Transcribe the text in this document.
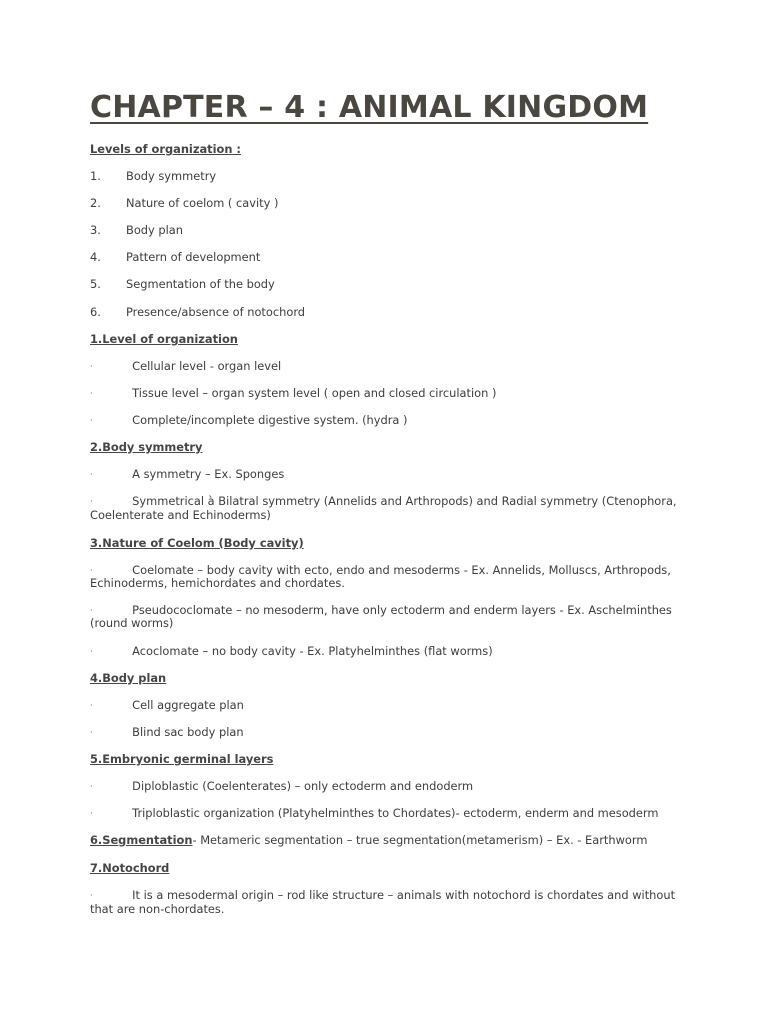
CHAPTER – 4 : ANIMAL KINGDOM
Levels of organization :
1.	Body symmetry
2.	Nature of coelom ( cavity )
3.	Body plan
4.	Pattern of development
5.	Segmentation of the body
6.	Presence/absence of notochord
1.Level of organization
·	Cellular level - organ level
·	Tissue level – organ system level ( open and closed circulation )
·	Complete/incomplete digestive system. (hydra )
2.Body symmetry
·	A symmetry – Ex. Sponges
·	Symmetrical à Bilatral symmetry (Annelids and Arthropods) and Radial symmetry (Ctenophora,
Coelenterate and Echinoderms)
3.Nature of Coelom (Body cavity)
·	Coelomate – body cavity with ecto, endo and mesoderms - Ex. Annelids, Molluscs, Arthropods,
Echinoderms, hemichordates and chordates.
·	Pseudococlomate – no mesoderm, have only ectoderm and enderm layers - Ex. Aschelminthes
(round worms)
·	Acoclomate – no body cavity - Ex. Platyhelminthes (flat worms)
4.Body plan
·	Cell aggregate plan
·	Blind sac body plan
5.Embryonic germinal layers
·	Diploblastic (Coelenterates) – only ectoderm and endoderm
·	Triploblastic organization (Platyhelminthes to Chordates)- ectoderm, enderm and mesoderm
6.Segmentation- Metameric segmentation – true segmentation(metamerism) – Ex. - Earthworm
7.Notochord
·	It is a mesodermal origin – rod like structure – animals with notochord is chordates and without
that are non-chordates.
